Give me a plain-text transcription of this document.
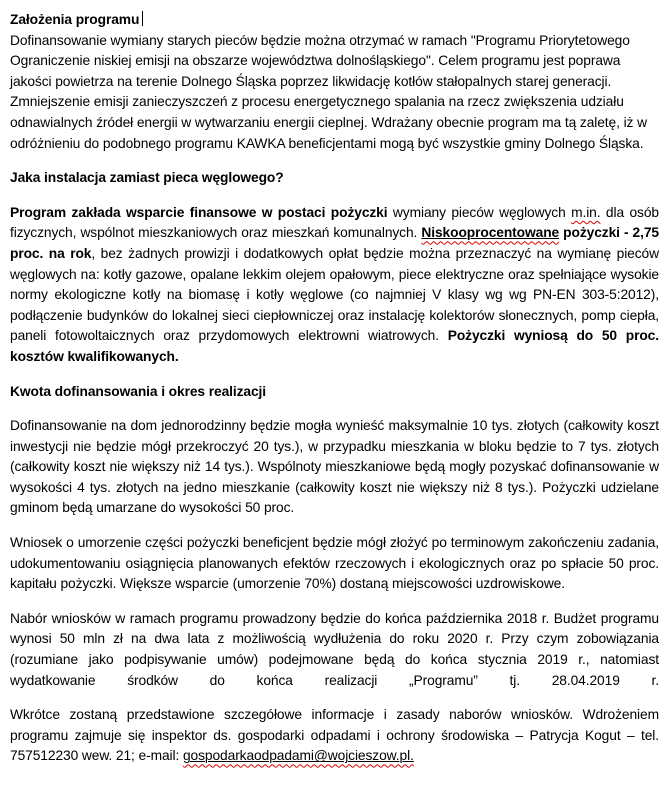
Założenia programu

Dofinansowanie wymiany starych pieców będzie można otrzymać w ramach "Programu Priorytetowego Ograniczenie niskiej emisji na obszarze województwa dolnośląskiego". Celem programu jest poprawa jakości powietrza na terenie Dolnego Śląska poprzez likwidację kotłów stałopalnych starej generacji. Zmniejszenie emisji zanieczyszczeń z procesu energetycznego spalania na rzecz zwiększenia udziału odnawialnych źródeł energii w wytwarzaniu energii cieplnej. Wdrażany obecnie program ma tą zaletę, iż w odróżnieniu do podobnego programu KAWKA beneficjentami mogą być wszystkie gminy Dolnego Śląska.

Jaka instalacja zamiast pieca węglowego?

Program zakłada wsparcie finansowe w postaci pożyczki wymiany pieców węglowych m.in. dla osób fizycznych, wspólnot mieszkaniowych oraz mieszkań komunalnych. Niskooprocentowane pożyczki - 2,75 proc. na rok, bez żadnych prowizji i dodatkowych opłat będzie można przeznaczyć na wymianę pieców węglowych na: kotły gazowe, opalane lekkim olejem opałowym, piece elektryczne oraz spełniające wysokie normy ekologiczne kotły na biomasę i kotły węglowe (co najmniej V klasy wg wg PN-EN 303-5:2012), podłączenie budynków do lokalnej sieci ciepłowniczej oraz instalację kolektorów słonecznych, pomp ciepła, paneli fotowoltaicznych oraz przydomowych elektrowni wiatrowych. Pożyczki wyniosą do 50 proc. kosztów kwalifikowanych.

Kwota dofinansowania i okres realizacji

Dofinansowanie na dom jednorodzinny będzie mogła wynieść maksymalnie 10 tys. złotych (całkowity koszt inwestycji nie będzie mógł przekroczyć 20 tys.), w przypadku mieszkania w bloku będzie to 7 tys. złotych (całkowity koszt nie większy niż 14 tys.). Wspólnoty mieszkaniowe będą mogły pozyskać dofinansowanie w wysokości 4 tys. złotych na jedno mieszkanie (całkowity koszt nie większy niż 8 tys.). Pożyczki udzielane gminom będą umarzane do wysokości 50 proc.

Wniosek o umorzenie części pożyczki beneficjent będzie mógł złożyć po terminowym zakończeniu zadania, udokumentowaniu osiągnięcia planowanych efektów rzeczowych i ekologicznych oraz po spłacie 50 proc. kapitału pożyczki. Większe wsparcie (umorzenie 70%) dostaną miejscowości uzdrowiskowe.

Nabór wniosków w ramach programu prowadzony będzie do końca października 2018 r. Budżet programu wynosi 50 mln zł na dwa lata z możliwością wydłużenia do roku 2020 r. Przy czym zobowiązania (rozumiane jako podpisywanie umów) podejmowane będą do końca stycznia 2019 r., natomiast wydatkowanie środków do końca realizacji „Programu” tj. 28.04.2019 r.

Wkrótce zostaną przedstawione szczegółowe informacje i zasady naborów wniosków. Wdrożeniem programu zajmuje się inspektor ds. gospodarki odpadami i ochrony środowiska – Patrycja Kogut – tel. 757512230 wew. 21; e-mail: gospodarkaodpadami@wojcieszow.pl.
